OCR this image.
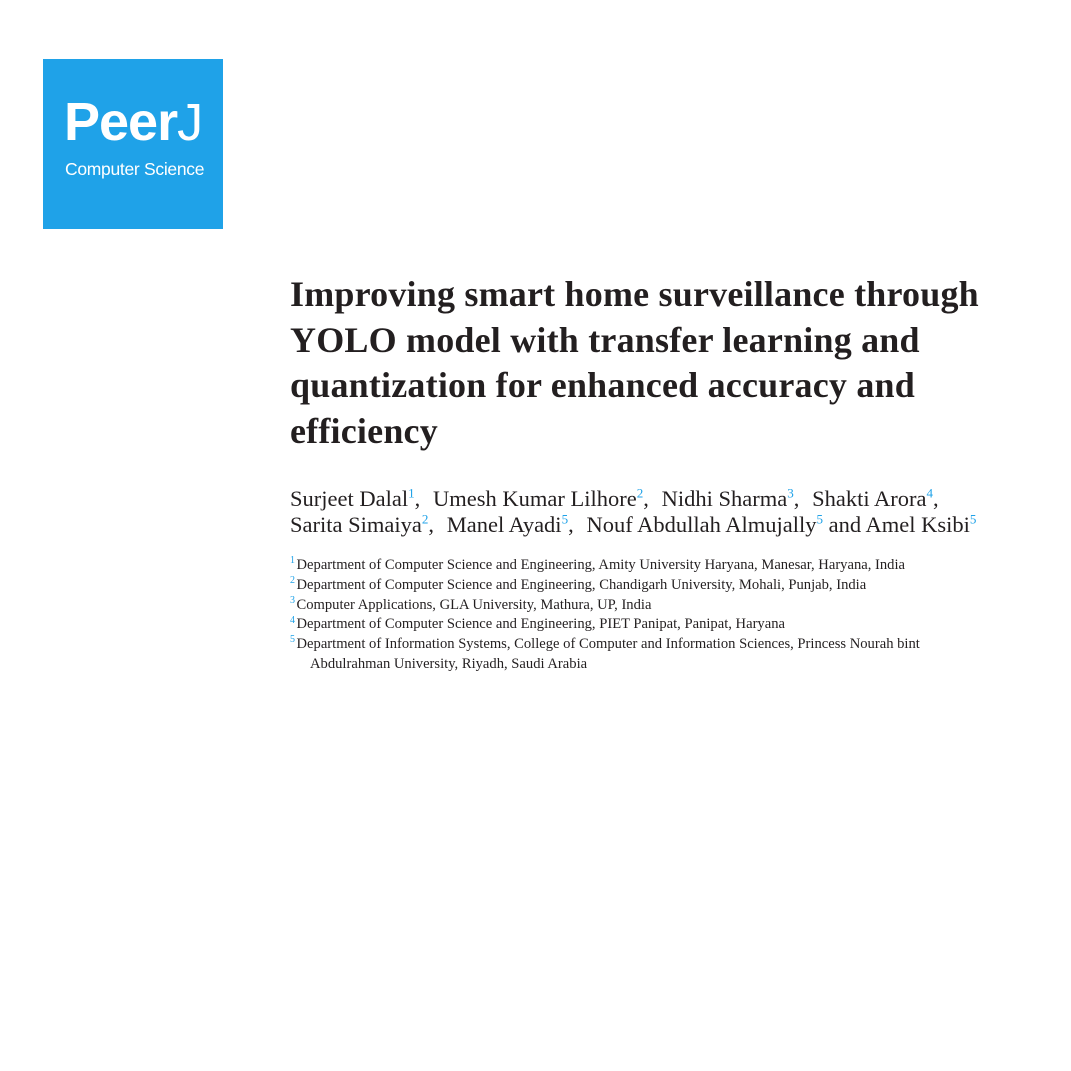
PeerJ
Computer Science
Improving smart home surveillance through YOLO model with transfer learning and quantization for enhanced accuracy and efficiency
Surjeet Dalal$^1$,  Umesh Kumar Lilhore$^2$,  Nidhi Sharma$^3$,  Shakti Arora$^4$,  Sarita Simaiya$^2$,  Manel Ayadi$^5$,  Nouf Abdullah Almujally$^5$ and Amel Ksibi$^5$

$^1$ Department of Computer Science and Engineering, Amity University Haryana, Manesar, Haryana, India

$^2$ Department of Computer Science and Engineering, Chandigarh University, Mohali, Punjab, India

$^3$ Computer Applications, GLA University, Mathura, UP, India

$^4$ Department of Computer Science and Engineering, PIET Panipat, Panipat, Haryana

$^5$ Department of Information Systems, College of Computer and Information Sciences, Princess Nourah bint
Abdulrahman University, Riyadh, Saudi Arabia
